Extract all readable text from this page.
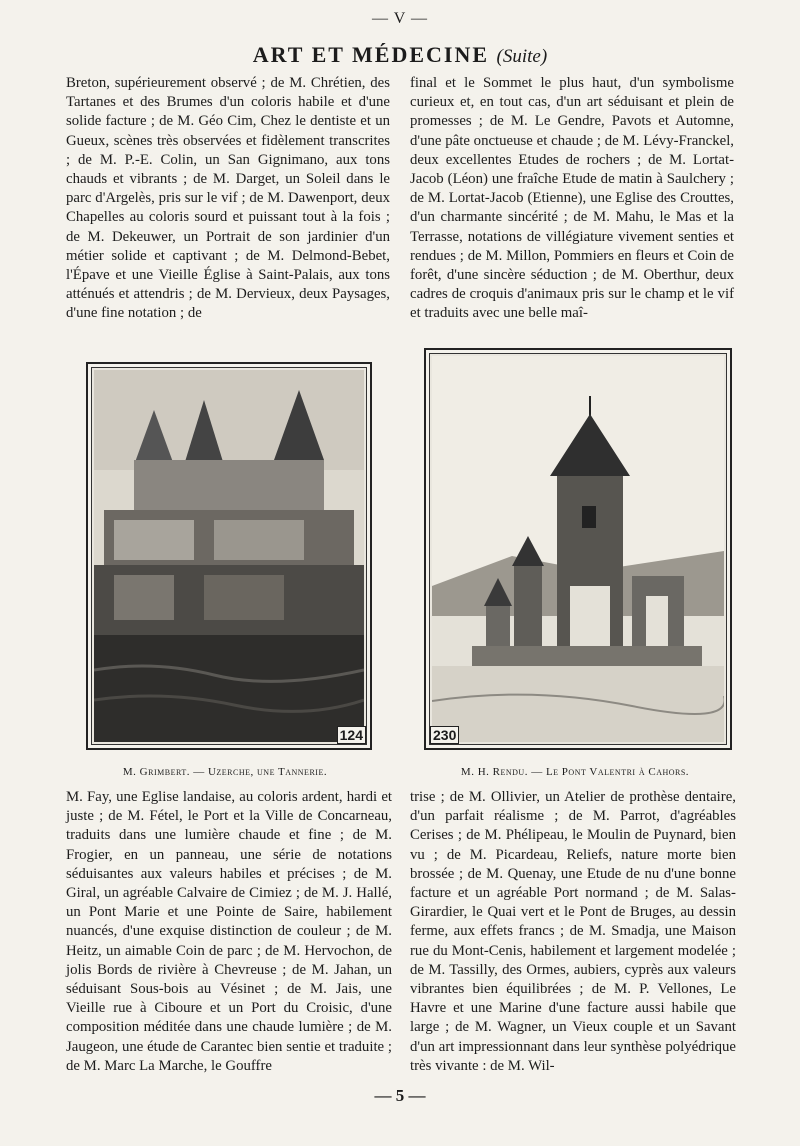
— V —
ART ET MÉDECINE (Suite)

Breton, supérieurement observé ; de M. Chrétien, des Tartanes et des Brumes d'un coloris habile et d'une solide facture ; de M. Géo Cim, Chez le dentiste et un Gueux, scènes très observées et fidèlement transcrites ; de M. P.-E. Colin, un San Gignimano, aux tons chauds et vibrants ; de M. Darget, un Soleil dans le parc d'Argelès, pris sur le vif ; de M. Dawenport, deux Chapelles au coloris sourd et puissant tout à la fois ; de M. Dekeuwer, un Portrait de son jardinier d'un métier solide et captivant ; de M. Delmond-Bebet, l'Épave et une Vieille Église à Saint-Palais, aux tons atténués et attendris ; de M. Dervieux, deux Paysages, d'une fine notation ; de

final et le Sommet le plus haut, d'un symbolisme curieux et, en tout cas, d'un art séduisant et plein de promesses ; de M. Le Gendre, Pavots et Automne, d'une pâte onctueuse et chaude ; de M. Lévy-Franckel, deux excellentes Etudes de rochers ; de M. Lortat-Jacob (Léon) une fraîche Etude de matin à Saulchery ; de M. Lortat-Jacob (Etienne), une Eglise des Crouttes, d'un charmante sincérité ; de M. Mahu, le Mas et la Terrasse, notations de villégiature vivement senties et rendues ; de M. Millon, Pommiers en fleurs et Coin de forêt, d'une sincère séduction ; de M. Oberthur, deux cadres de croquis d'animaux pris sur le champ et le vif et traduits avec une belle maî-

124	230
M. Grimbert. — Uzerche, une Tannerie.	M. H. Rendu. — Le Pont Valentri à Cahors.

M. Fay, une Eglise landaise, au coloris ardent, hardi et juste ; de M. Fétel, le Port et la Ville de Concarneau, traduits dans une lumière chaude et fine ; de M. Frogier, en un panneau, une série de notations séduisantes aux valeurs habiles et précises ; de M. Giral, un agréable Calvaire de Cimiez ; de M. J. Hallé, un Pont Marie et une Pointe de Saire, habilement nuancés, d'une exquise distinction de couleur ; de M. Heitz, un aimable Coin de parc ; de M. Hervochon, de jolis Bords de rivière à Chevreuse ; de M. Jahan, un séduisant Sous-bois au Vésinet ; de M. Jais, une Vieille rue à Ciboure et un Port du Croisic, d'une composition méditée dans une chaude lumière ; de M. Jaugeon, une étude de Carantec bien sentie et traduite ; de M. Marc La Marche, le Gouffre

trise ; de M. Ollivier, un Atelier de prothèse dentaire, d'un parfait réalisme ; de M. Parrot, d'agréables Cerises ; de M. Phélipeau, le Moulin de Puynard, bien vu ; de M. Picardeau, Reliefs, nature morte bien brossée ; de M. Quenay, une Etude de nu d'une bonne facture et un agréable Port normand ; de M. Salas-Girardier, le Quai vert et le Pont de Bruges, au dessin ferme, aux effets francs ; de M. Smadja, une Maison rue du Mont-Cenis, habilement et largement modelée ; de M. Tassilly, des Ormes, aubiers, cyprès aux valeurs vibrantes bien équilibrées ; de M. P. Vellones, Le Havre et une Marine d'une facture aussi habile que large ; de M. Wagner, un Vieux couple et un Savant d'un art impressionnant dans leur synthèse polyédrique très vivante : de M. Wil-

— 5 —
